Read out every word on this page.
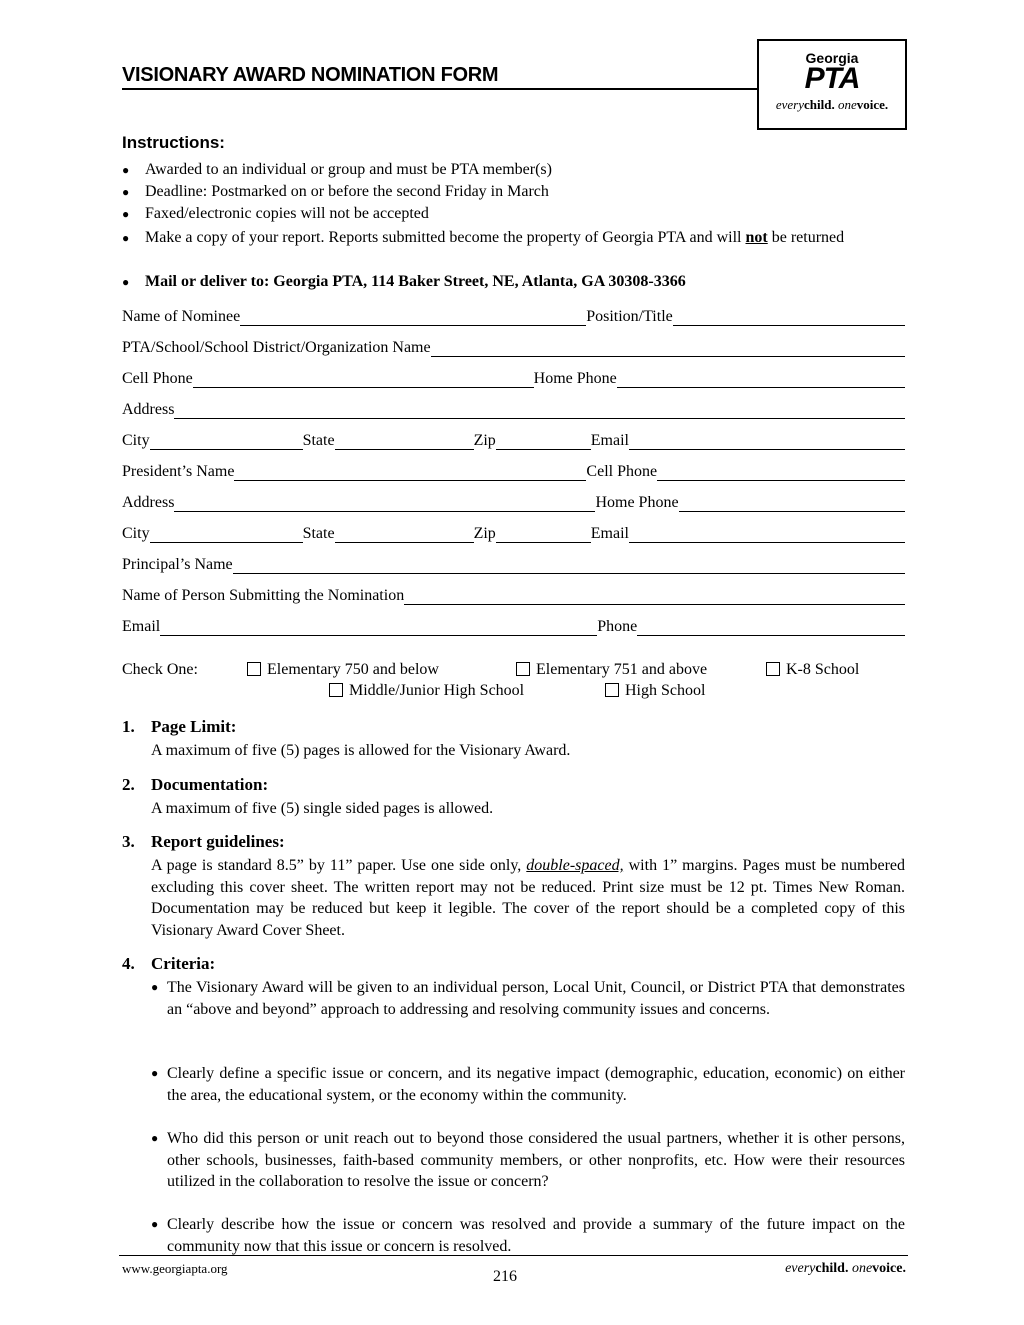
VISIONARY AWARD NOMINATION FORM
Georgia
PTA
everychild. onevoice.
Instructions:
● Awarded to an individual or group and must be PTA member(s)
● Deadline: Postmarked on or before the second Friday in March
● Faxed/electronic copies will not be accepted
● Make a copy of your report. Reports submitted become the property of Georgia PTA and will not be returned
● Mail or deliver to: Georgia PTA, 114 Baker Street, NE, Atlanta, GA 30308-3366
Name of Nominee	Position/Title
PTA/School/School District/Organization Name
Cell Phone	Home Phone
Address
City	State	Zip	Email
President’s Name	Cell Phone
Address	Home Phone
City	State	Zip	Email
Principal’s Name
Name of Person Submitting the Nomination
Email	Phone
Check One:	Elementary 750 and below	Elementary 751 and above	K-8 School
Middle/Junior High School	High School
1. Page Limit:
A maximum of five (5) pages is allowed for the Visionary Award.
2. Documentation:
A maximum of five (5) single sided pages is allowed.
3. Report guidelines:
A page is standard 8.5” by 11” paper. Use one side only, double-spaced, with 1” margins. Pages must be numbered excluding this cover sheet. The written report may not be reduced. Print size must be 12 pt. Times New Roman. Documentation may be reduced but keep it legible. The cover of the report should be a completed copy of this Visionary Award Cover Sheet.
4. Criteria:
● The Visionary Award will be given to an individual person, Local Unit, Council, or District PTA that demonstrates an “above and beyond” approach to addressing and resolving community issues and concerns.
● Clearly define a specific issue or concern, and its negative impact (demographic, education, economic) on either the area, the educational system, or the economy within the community.
● Who did this person or unit reach out to beyond those considered the usual partners, whether it is other persons, other schools, businesses, faith-based community members, or other nonprofits, etc. How were their resources utilized in the collaboration to resolve the issue or concern?
● Clearly describe how the issue or concern was resolved and provide a summary of the future impact on the community now that this issue or concern is resolved.
www.georgiapta.org	216	everychild. onevoice.
